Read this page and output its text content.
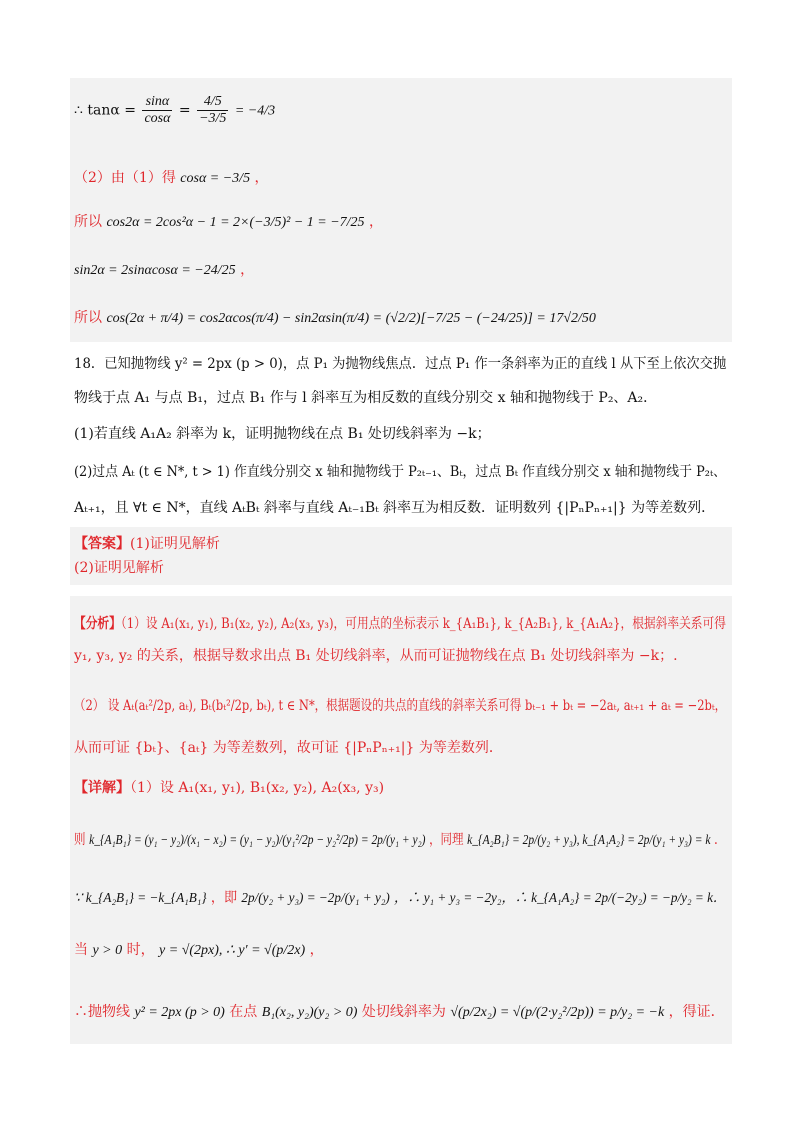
∴ $\tan\alpha = \frac{\sin\alpha}{\cos\alpha} = \frac{4/5}{-3/5} = -4/3$
（2）由（1）得 cosα = −3/5 ，
所以 cos2α = 2cos²α − 1 = 2×(−3/5)² − 1 = −7/25 ，
sin2α = 2sinαcosα = −24/25 ，
所以 cos(2α + π/4) = cos2αcos(π/4) − sin2αsin(π/4) = (√2/2)[−7/25 − (−24/25)] = 17√2/50
18．已知抛物线 y² = 2px (p > 0)，点 P₁ 为抛物线焦点．过点 P₁ 作一条斜率为正的直线 l 从下至上依次交抛
物线于点 A₁ 与点 B₁，过点 B₁ 作与 l 斜率互为相反数的直线分别交 x 轴和抛物线于 P₂、A₂．
(1)若直线 A₁A₂ 斜率为 k，证明抛物线在点 B₁ 处切线斜率为 −k；
(2)过点 Aₜ (t ∈ N*, t > 1) 作直线分别交 x 轴和抛物线于 P₂ₜ₋₁、Bₜ，过点 Bₜ 作直线分别交 x 轴和抛物线于 P₂ₜ、
Aₜ₊₁，且 ∀t ∈ N*，直线 AₜBₜ 斜率与直线 Aₜ₋₁Bₜ 斜率互为相反数．证明数列 {|PₙPₙ₊₁|} 为等差数列．
【答案】(1)证明见解析
(2)证明见解析
【分析】（1）设 A₁(x₁, y₁), B₁(x₂, y₂), A₂(x₃, y₃)，可用点的坐标表示 k_{A₁B₁}, k_{A₂B₁}, k_{A₁A₂}，根据斜率关系可得
y₁, y₃, y₂ 的关系，根据导数求出点 B₁ 处切线斜率，从而可证抛物线在点 B₁ 处切线斜率为 −k；.
（2） 设 Aₜ(aₜ²/2p, aₜ), Bₜ(bₜ²/2p, bₜ), t ∈ N*，根据题设的共点的直线的斜率关系可得 bₜ₋₁ + bₜ = −2aₜ, aₜ₊₁ + aₜ = −2bₜ，
从而可证 {bₜ}、{aₜ} 为等差数列，故可证 {|PₙPₙ₊₁|} 为等差数列．
【详解】（1）设 A₁(x₁, y₁), B₁(x₂, y₂), A₂(x₃, y₃)
则 k_{A₁B₁} = (y₁ − y₂)/(x₁ − x₂) = (y₁ − y₂)/(y₁²/2p − y₂²/2p) = 2p/(y₁ + y₂) ，同理 k_{A₂B₁} = 2p/(y₂ + y₃), k_{A₁A₂} = 2p/(y₁ + y₃) = k ．
∵ k_{A₂B₁} = −k_{A₁B₁} ，即 2p/(y₂ + y₃) = −2p/(y₁ + y₂) ，∴ y₁ + y₃ = −2y₂，∴ k_{A₁A₂} = 2p/(−2y₂) = −p/y₂ = k．
当 y > 0 时， y = √(2px), ∴ y′ = √(p/2x) ，
∴抛物线 y² = 2px (p > 0) 在点 B₁(x₂, y₂)(y₂ > 0) 处切线斜率为 √(p/2x₂) = √(p/(2·y₂²/2p)) = p/y₂ = −k ，得证．
